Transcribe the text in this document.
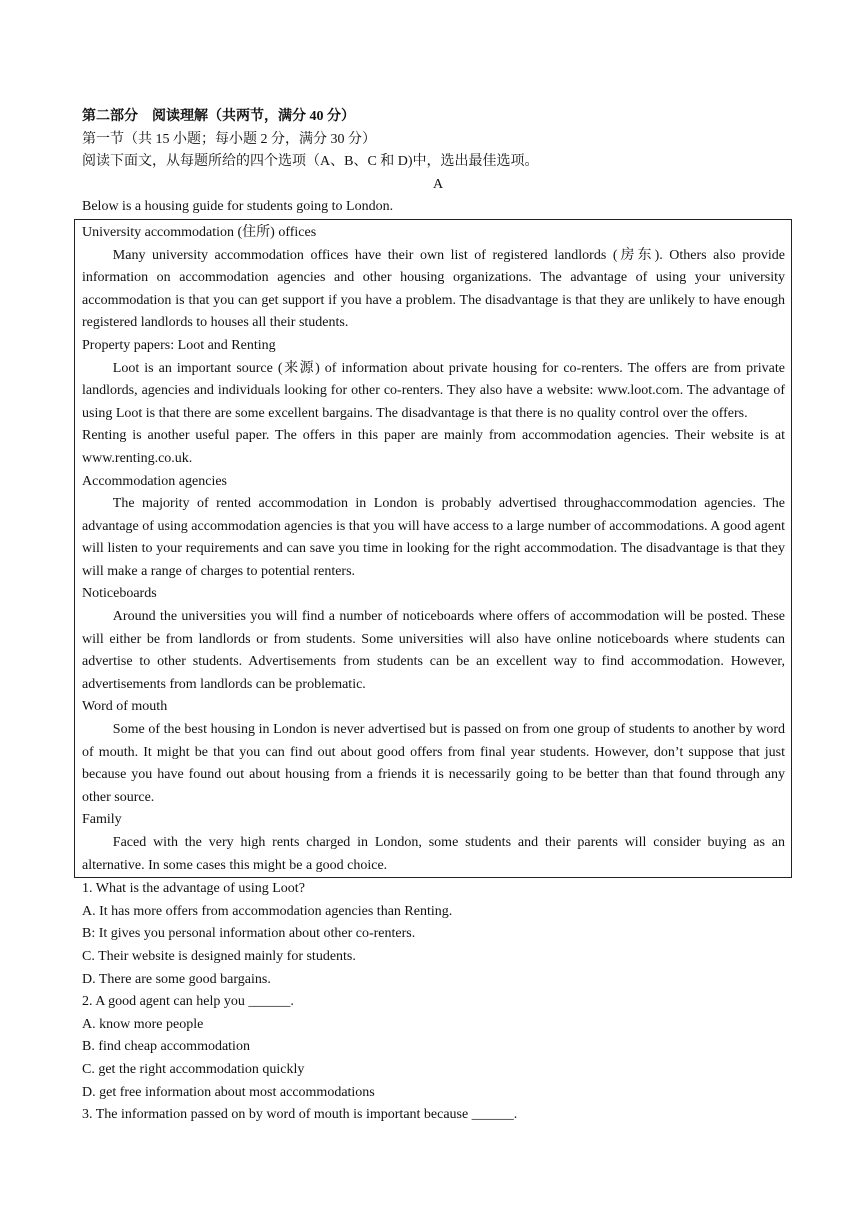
第二部分　阅读理解（共两节，满分 40 分）
第一节（共 15 小题；每小题 2 分，满分 30 分）
阅读下面文，从每题所给的四个选项（A、B、C 和 D)中，选出最佳选项。
A
Below is a housing guide for students going to London.
University accommodation (住所) offices

Many university accommodation offices have their own list of registered landlords (房东). Others also provide information on accommodation agencies and other housing organizations. The advantage of using your university accommodation is that you can get support if you have a problem. The disadvantage is that they are unlikely to have enough registered landlords to houses all their students.

Property papers: Loot and Renting

Loot is an important source (来源) of information about private housing for co-renters. The offers are from private landlords, agencies and individuals looking for other co-renters. They also have a website: www.loot.com. The advantage of using Loot is that there are some excellent bargains. The disadvantage is that there is no quality control over the offers.

Renting is another useful paper. The offers in this paper are mainly from accommodation agencies. Their website is at www.renting.co.uk.

Accommodation agencies

The majority of rented accommodation in London is probably advertised throughaccommodation agencies. The advantage of using accommodation agencies is that you will have access to a large number of accommodations. A good agent will listen to your requirements and can save you time in looking for the right accommodation. The disadvantage is that they will make a range of charges to potential renters.

Noticeboards

Around the universities you will find a number of noticeboards where offers of accommodation will be posted. These will either be from landlords or from students. Some universities will also have online noticeboards where students can advertise to other students. Advertisements from students can be an excellent way to find accommodation. However, advertisements from landlords can be problematic.

Word of mouth

Some of the best housing in London is never advertised but is passed on from one group of students to another by word of mouth. It might be that you can find out about good offers from final year students. However, don’t suppose that just because you have found out about housing from a friends it is necessarily going to be better than that found through any other source.

Family

Faced with the very high rents charged in London, some students and their parents will consider buying as an alternative. In some cases this might be a good choice.

1. What is the advantage of using Loot?
A. It has more offers from accommodation agencies than Renting.
B: It gives you personal information about other co-renters.
C. Their website is designed mainly for students.
D. There are some good bargains.
2. A good agent can help you ______.
A. know more people
B. find cheap accommodation
C. get the right accommodation quickly
D. get free information about most accommodations
3. The information passed on by word of mouth is important because ______.
